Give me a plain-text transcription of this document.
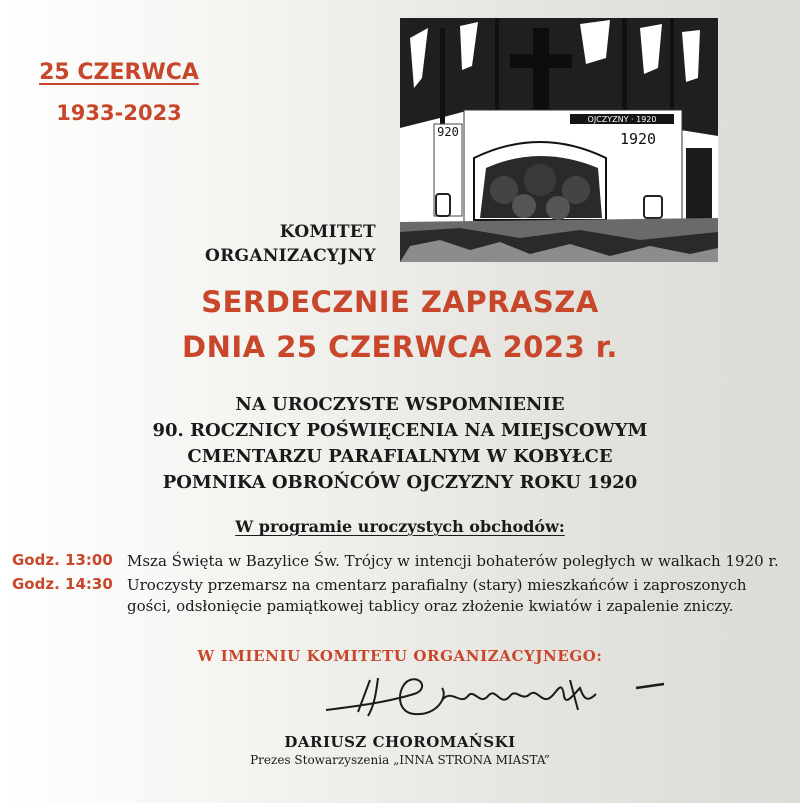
25 CZERWCA
1933-2023	OJCZYZNY · 1920
1920
920
KOMITET
ORGANIZACYJNY
SERDECZNIE ZAPRASZA
DNIA 25 CZERWCA 2023 r.
NA UROCZYSTE WSPOMNIENIE
90. ROCZNICY POŚWIĘCENIA NA MIEJSCOWYM
CMENTARZU PARAFIALNYM W KOBYŁCE
POMNIKA OBROŃCÓW OJCZYZNY ROKU 1920
W programie uroczystych obchodów:
Godz. 13:00 Msza Święta w Bazylice Św. Trójcy w intencji bohaterów poległych w walkach 1920 r.
Godz. 14:30 Uroczysty przemarsz na cmentarz parafialny (stary) mieszkańców i zaproszonych
gości, odsłonięcie pamiątkowej tablicy oraz złożenie kwiatów i zapalenie zniczy.
W IMIENIU KOMITETU ORGANIZACYJNEGO:
DARIUSZ CHOROMAŃSKI
Prezes Stowarzyszenia „INNA STRONA MIASTA”
